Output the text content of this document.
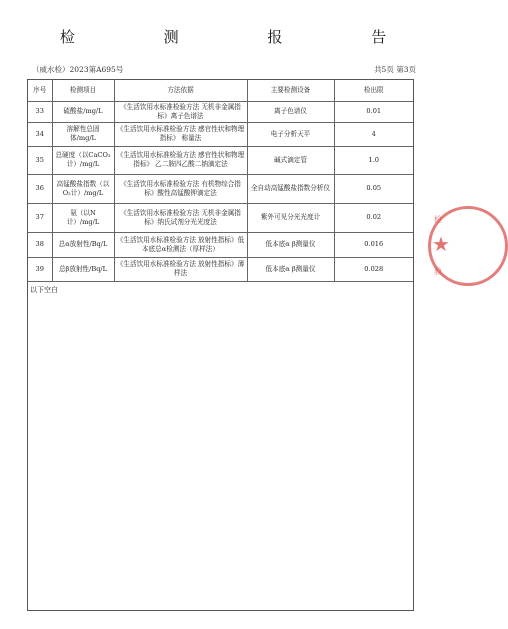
检 测 报 告
（威水检）2023第A695号	共5页 第3页
序号	检测项目	方法依据	主要检测设备	检出限
33	硫酸盐/mg/L	《生活饮用水标准检验方法 无机非金属指标》离子色谱法	离子色谱仪	0.01
34	溶解性总固体/mg/L	《生活饮用水标准检验方法 感官性状和物理指标》 称量法	电子分析天平	4
35	总硬度（以CaCO₃计）/mg/L	《生活饮用水标准检验方法 感官性状和物理指标》 乙二胺四乙酸二钠滴定法	碱式滴定管	1.0
36	高锰酸盐指数（以O₂计）/mg/L	《生活饮用水标准检验方法 有机物综合指标》酸性高锰酸钾滴定法	全自动高锰酸盐指数分析仪	0.05
37	氨（以N计）/mg/L	《生活饮用水标准检验方法 无机非金属指标》纳氏试剂分光光度法	紫外可见分光光度计	0.02
38	总α放射性/Bq/L	《生活饮用水标准检验方法 放射性指标》低本底总α检测法（厚样法）	低本底α β测量仪	0.016
39	总β放射性/Bq/L	《生活饮用水标准检验方法 放射性指标》薄样法	低本底α β测量仪	0.028
以下空白
检
★
验
